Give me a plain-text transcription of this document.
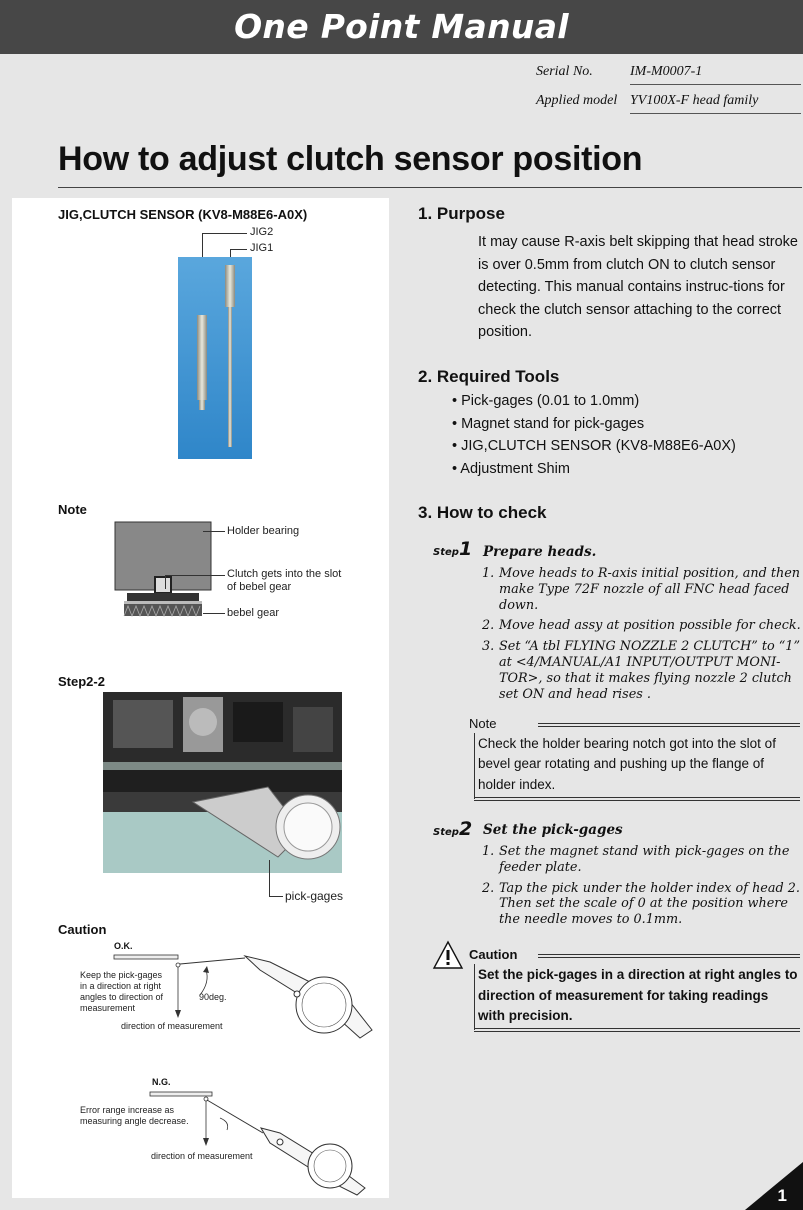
One Point Manual
Serial No.	IM-M0007-1
Applied model YV100X-F head family
How to adjust clutch sensor position
JIG,CLUTCH SENSOR (KV8-M88E6-A0X)
JIG2
JIG1
Note
Holder bearing
Clutch gets into the slot
of bebel gear
bebel gear
Step2-2
pick-gages
Caution
O.K.
Keep the pick-gages
in a direction at right
angles to direction of
measurement
90deg.
direction of measurement
N.G.
Error range increase as
measuring angle decrease.
direction of measurement
1. Purpose
It may cause R-axis belt skipping that head stroke is over 0.5mm from clutch ON to clutch sensor detecting. This manual contains instruc-tions for check the clutch sensor attaching to the correct position.
2. Required Tools
• Pick-gages (0.01 to 1.0mm)
• Magnet stand for pick-gages
• JIG,CLUTCH SENSOR (KV8-M88E6-A0X)
• Adjustment Shim
3. How to check
Step1 Prepare heads.
1. Move heads to R-axis initial position, and then make Type 72F nozzle of all FNC head faced down.
2. Move head assy at position possible for check.
3. Set “A tbl FLYING NOZZLE 2 CLUTCH” to “1” at <4/MANUAL/A1 INPUT/OUTPUT MONI-TOR>, so that it makes flying nozzle 2 clutch set ON and head rises .
Note
Check the holder bearing notch got into the slot of bevel gear rotating and pushing up the flange of holder index.
Step2 Set the pick-gages
1. Set the magnet stand with pick-gages on the feeder plate.
2. Tap the pick under the holder index of head 2. Then set the scale of 0 at the position where the needle moves to 0.1mm.
Caution
Set the pick-gages in a direction at right angles to direction of measurement for taking readings with precision.
1
